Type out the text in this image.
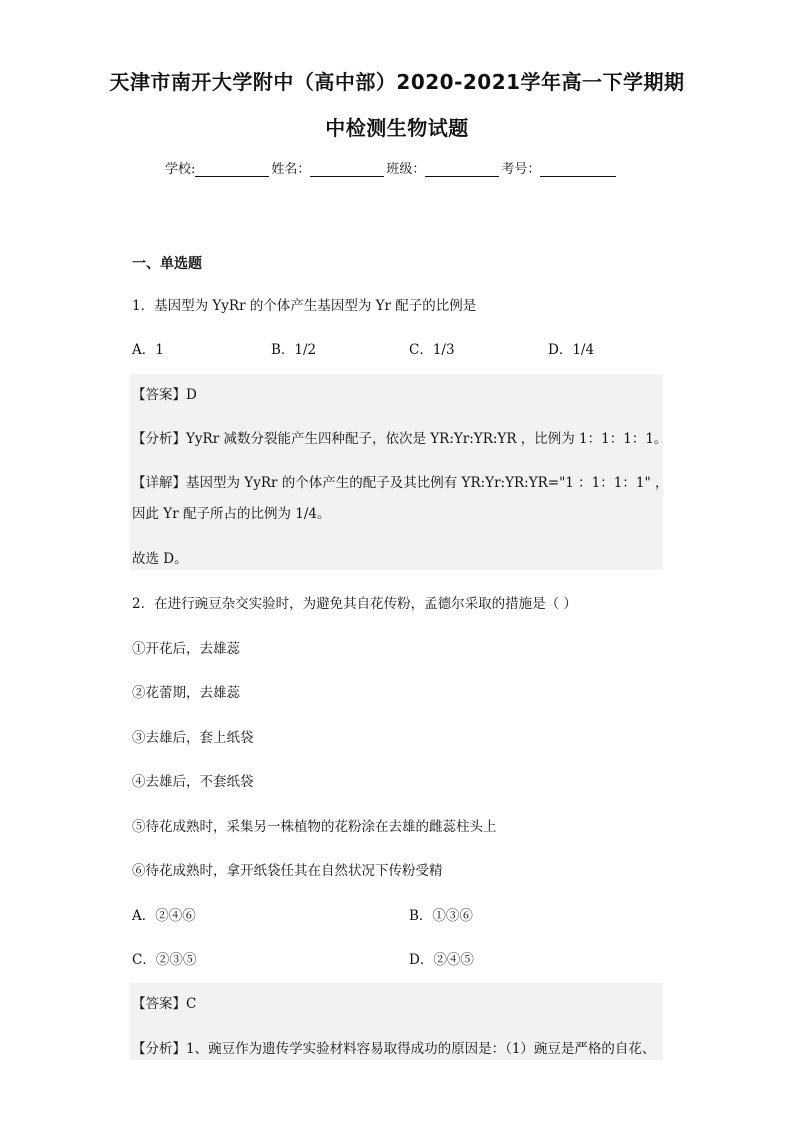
天津市南开大学附中（高中部）2020-2021学年高一下学期期
中检测生物试题
学校:	姓名：	班级：	考号：
一、单选题
1．基因型为 YyRr 的个体产生基因型为 Yr 配子的比例是
A．1	B．1/2	C．1/3	D．1/4
【答案】D
【分析】YyRr 减数分裂能产生四种配子，依次是 YR:Yr:YR:YR ，比例为 1：1：1：1。
【详解】基因型为 YyRr 的个体产生的配子及其比例有 YR:Yr:YR:YR="1 ：1：1：1" ，
因此 Yr 配子所占的比例为 1/4。
故选 D。
2．在进行豌豆杂交实验时，为避免其自花传粉，孟德尔采取的措施是（ ）
①开花后，去雄蕊
②花蕾期，去雄蕊
③去雄后，套上纸袋
④去雄后，不套纸袋
⑤待花成熟时，采集另一株植物的花粉涂在去雄的雌蕊柱头上
⑥待花成熟时，拿开纸袋任其在自然状况下传粉受精
A．②④⑥	B．①③⑥
C．②③⑤	D．②④⑤
【答案】C
【分析】1、豌豆作为遗传学实验材料容易取得成功的原因是：（1）豌豆是严格的自花、
